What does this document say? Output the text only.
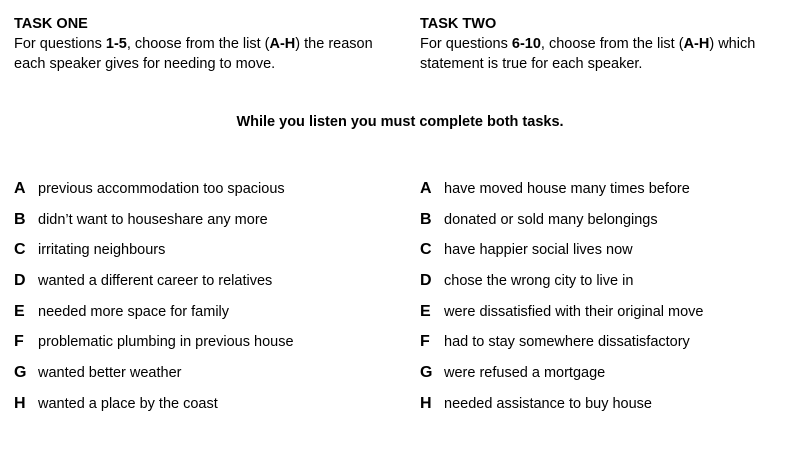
TASK ONE
For questions 1-5, choose from the list (A-H) the reason
each speaker gives for needing to move.
TASK TWO
For questions 6-10, choose from the list (A-H) which
statement is true for each speaker.
While you listen you must complete both tasks.
A previous accommodation too spacious
B didn’t want to houseshare any more
C irritating neighbours
D wanted a different career to relatives
E needed more space for family
F problematic plumbing in previous house
G wanted better weather
H wanted a place by the coast
A have moved house many times before
B donated or sold many belongings
C have happier social lives now
D chose the wrong city to live in
E were dissatisfied with their original move
F had to stay somewhere dissatisfactory
G were refused a mortgage
H needed assistance to buy house
